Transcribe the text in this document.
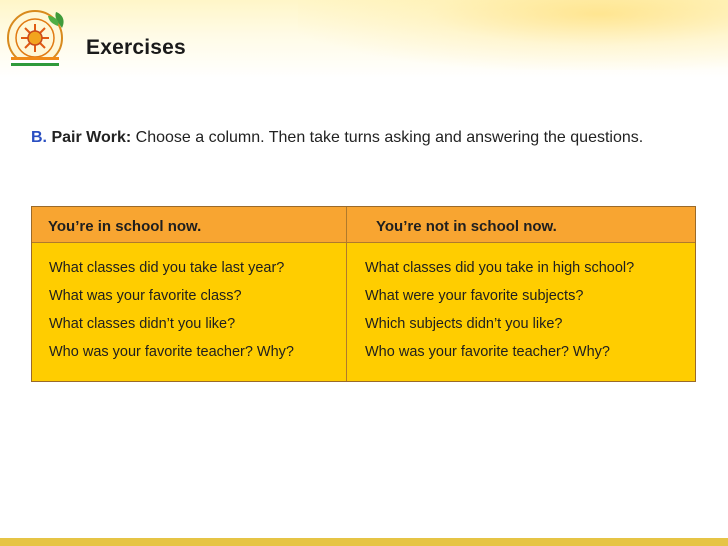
Exercises
B. Pair Work: Choose a column. Then take turns asking and answering the questions.
You’re in school now.	You’re not in school now.
What classes did you take last year?
What was your favorite class?
What classes didn’t you like?
Who was your favorite teacher? Why?
What classes did you take in high school?
What were your favorite subjects?
Which subjects didn’t you like?
Who was your favorite teacher? Why?
